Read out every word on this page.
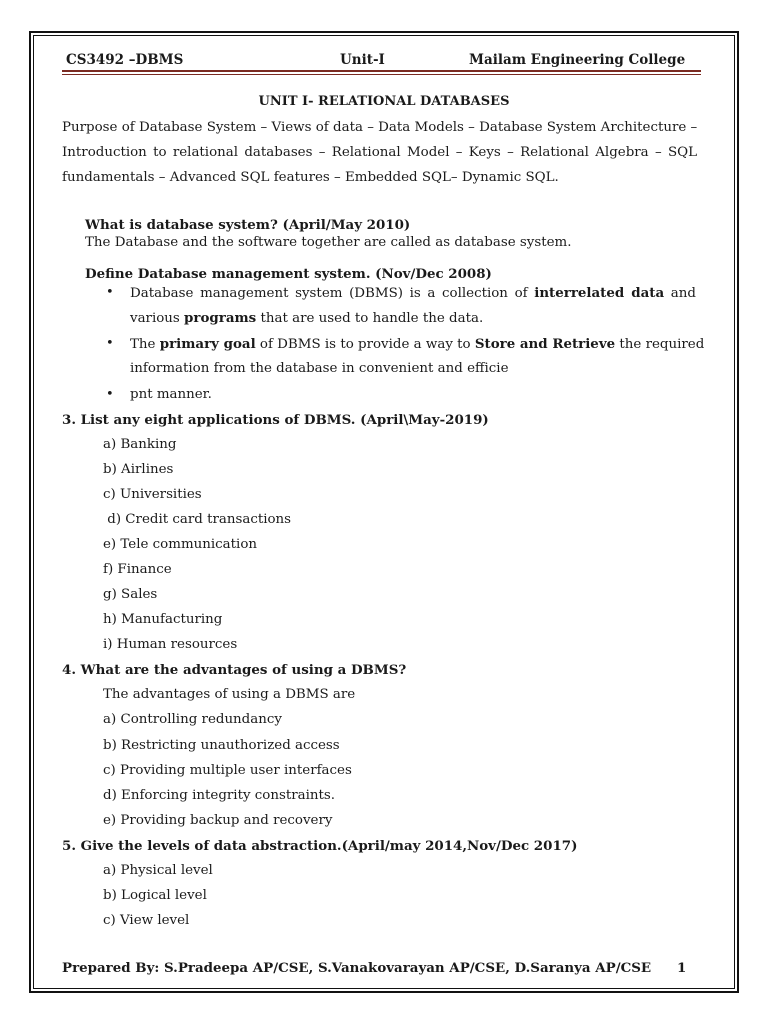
CS3492 –DBMS	Unit-I	Mailam Engineering College
UNIT I- RELATIONAL DATABASES
Purpose of Database System – Views of data – Data Models – Database System Architecture –
Introduction to relational databases – Relational Model – Keys – Relational Algebra – SQL
fundamentals – Advanced SQL features – Embedded SQL– Dynamic SQL.
What is database system? (April/May 2010)
The Database and the software together are called as database system.
Define Database management system. (Nov/Dec 2008)
• Database management system (DBMS) is a collection of interrelated data and
various programs that are used to handle the data.
• The primary goal of DBMS is to provide a way to Store and Retrieve the required
information from the database in convenient and efficie
• pnt manner.
3. List any eight applications of DBMS. (April\May-2019)
a) Banking
b) Airlines
c) Universities
d) Credit card transactions
e) Tele communication
f) Finance
g) Sales
h) Manufacturing
i) Human resources
4. What are the advantages of using a DBMS?
The advantages of using a DBMS are
a) Controlling redundancy
b) Restricting unauthorized access
c) Providing multiple user interfaces
d) Enforcing integrity constraints.
e) Providing backup and recovery
5. Give the levels of data abstraction.(April/may 2014,Nov/Dec 2017)
a) Physical level
b) Logical level
c) View level
Prepared By: S.Pradeepa AP/CSE, S.Vanakovarayan AP/CSE, D.Saranya AP/CSE 1
